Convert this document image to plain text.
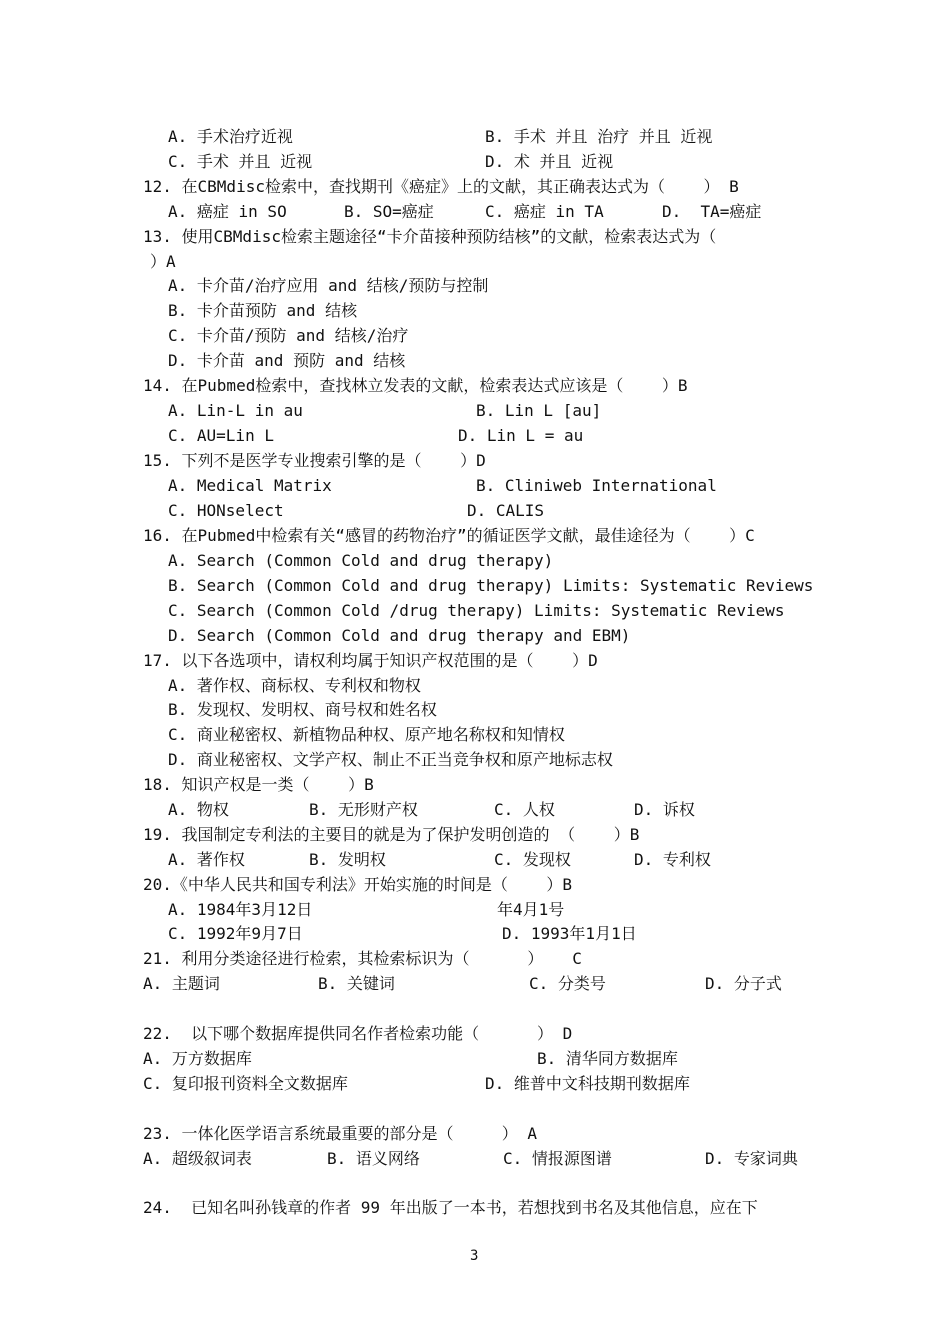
A. 手术治疗近视	B. 手术 并且 治疗 并且 近视
C. 手术 并且 近视	D. 术 并且 近视
12. 在CBMdisc检索中，查找期刊《癌症》上的文献，其正确表达式为（    ） B
A. 癌症 in SO	B. SO=癌症	C. 癌症 in TA	D.  TA=癌症
13. 使用CBMdisc检索主题途径“卡介苗接种预防结核”的文献，检索表达式为（
）A
A. 卡介苗/治疗应用 and 结核/预防与控制
B. 卡介苗预防 and 结核
C. 卡介苗/预防 and 结核/治疗
D. 卡介苗 and 预防 and 结核
14. 在Pubmed检索中，查找林立发表的文献，检索表达式应该是（    ）B
A. Lin-L in au	B. Lin L [au]
C. AU=Lin L	D. Lin L = au
15. 下列不是医学专业搜索引擎的是（    ）D
A. Medical Matrix	B. Cliniweb International
C. HONselect	D. CALIS
16. 在Pubmed中检索有关“感冒的药物治疗”的循证医学文献，最佳途径为（    ）C
A. Search (Common Cold and drug therapy)
B. Search (Common Cold and drug therapy) Limits: Systematic Reviews
C. Search (Common Cold /drug therapy) Limits: Systematic Reviews
D. Search (Common Cold and drug therapy and EBM)
17. 以下各选项中，请权利均属于知识产权范围的是（    ）D
A. 著作权、商标权、专利权和物权
B. 发现权、发明权、商号权和姓名权
C. 商业秘密权、新植物品种权、原产地名称权和知情权
D. 商业秘密权、文学产权、制止不正当竞争权和原产地标志权
18. 知识产权是一类（    ）B
A. 物权	B. 无形财产权	C. 人权	D. 诉权
19. 我国制定专利法的主要目的就是为了保护发明创造的 （    ）B
A. 著作权	B. 发明权	C. 发现权	D. 专利权
20.《中华人民共和国专利法》开始实施的时间是（    ）B
A. 1984年3月12日	年4月1号
C. 1992年9月7日	D. 1993年1月1日
21. 利用分类途径进行检索，其检索标识为（      ）   C
A. 主题词	B. 关键词	C. 分类号	D. 分子式
22.  以下哪个数据库提供同名作者检索功能（      ） D
A. 万方数据库	B. 清华同方数据库
C. 复印报刊资料全文数据库	D. 维普中文科技期刊数据库
23. 一体化医学语言系统最重要的部分是（     ） A
A. 超级叙词表	B. 语义网络	C. 情报源图谱	D. 专家词典
24.  已知名叫孙钱章的作者 99 年出版了一本书，若想找到书名及其他信息，应在下
3
